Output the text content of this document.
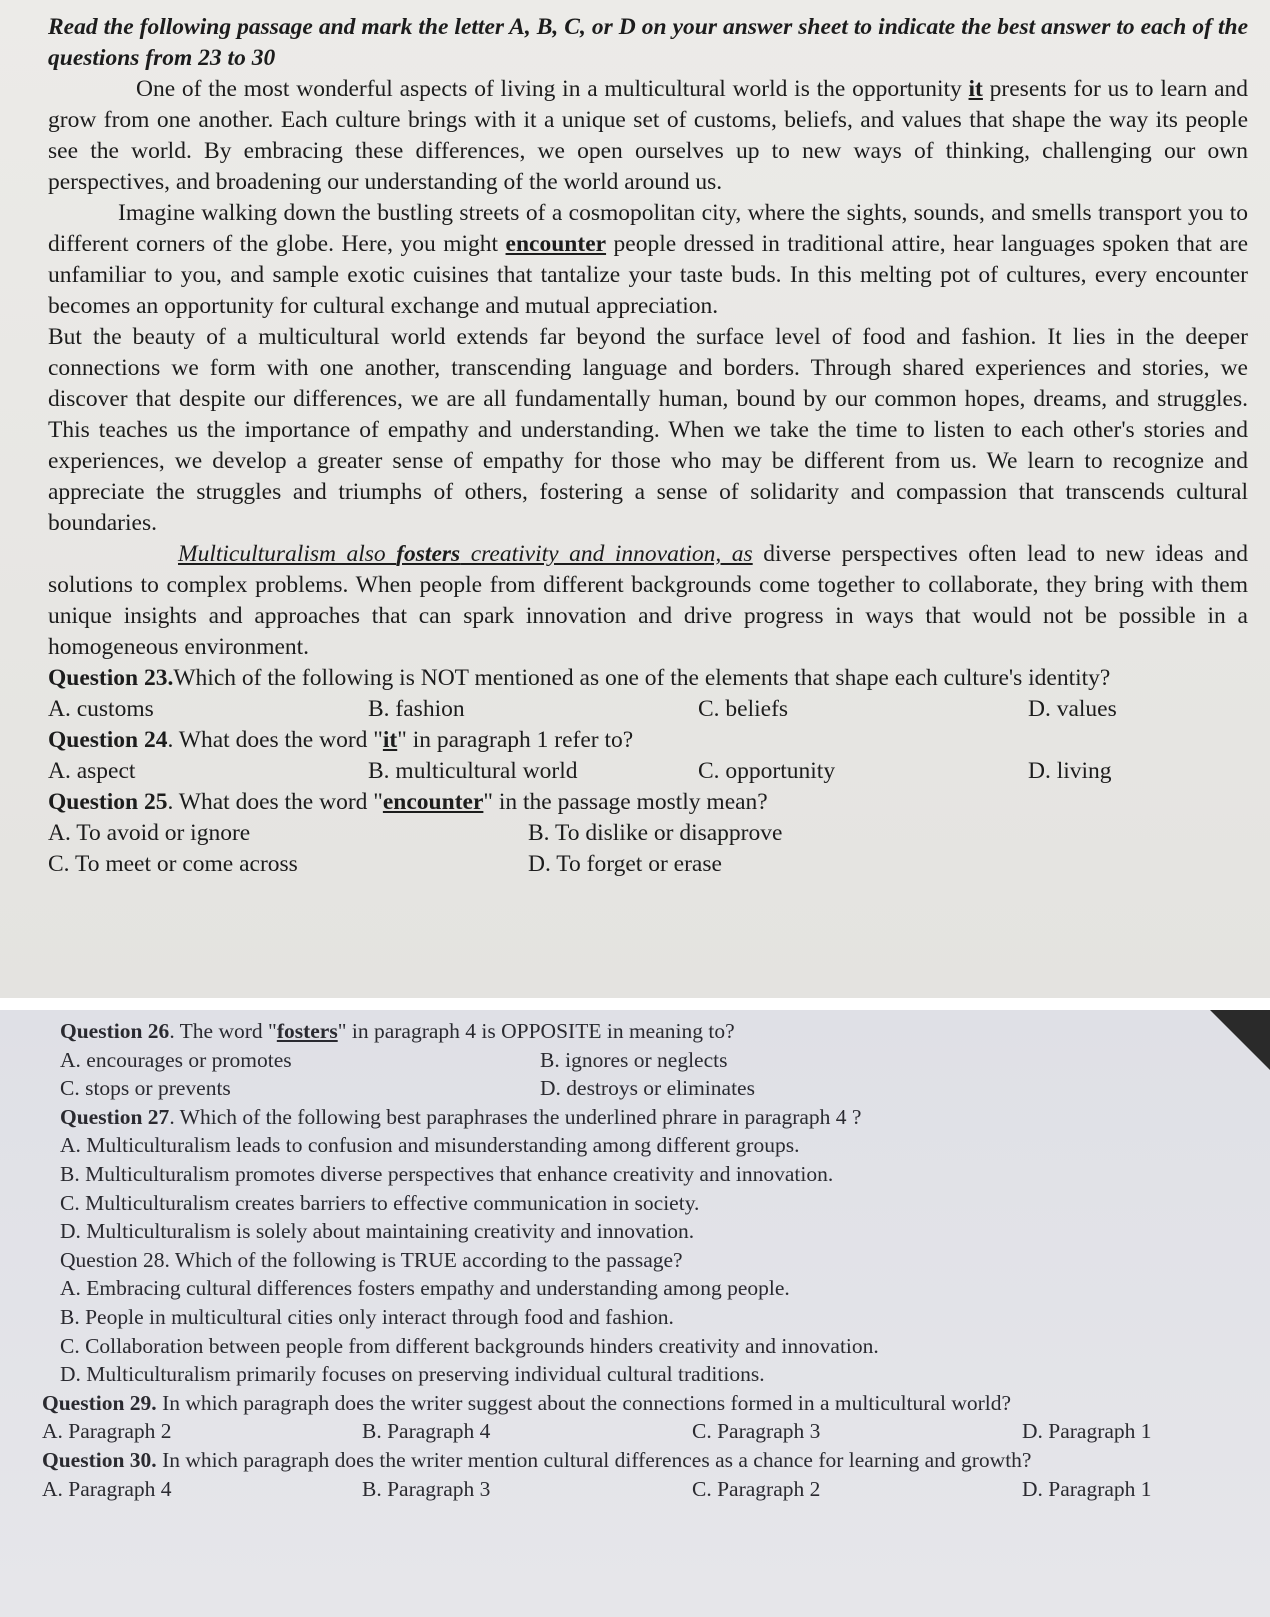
Read the following passage and mark the letter A, B, C, or D on your answer sheet to indicate the best answer to each of the questions from 23 to 30

One of the most wonderful aspects of living in a multicultural world is the opportunity it presents for us to learn and grow from one another. Each culture brings with it a unique set of customs, beliefs, and values that shape the way its people see the world. By embracing these differences, we open ourselves up to new ways of thinking, challenging our own perspectives, and broadening our understanding of the world around us.

Imagine walking down the bustling streets of a cosmopolitan city, where the sights, sounds, and smells transport you to different corners of the globe. Here, you might encounter people dressed in traditional attire, hear languages spoken that are unfamiliar to you, and sample exotic cuisines that tantalize your taste buds. In this melting pot of cultures, every encounter becomes an opportunity for cultural exchange and mutual appreciation.

But the beauty of a multicultural world extends far beyond the surface level of food and fashion. It lies in the deeper connections we form with one another, transcending language and borders. Through shared experiences and stories, we discover that despite our differences, we are all fundamentally human, bound by our common hopes, dreams, and struggles. This teaches us the importance of empathy and understanding. When we take the time to listen to each other's stories and experiences, we develop a greater sense of empathy for those who may be different from us. We learn to recognize and appreciate the struggles and triumphs of others, fostering a sense of solidarity and compassion that transcends cultural boundaries.

Multiculturalism also fosters creativity and innovation, as diverse perspectives often lead to new ideas and solutions to complex problems. When people from different backgrounds come together to collaborate, they bring with them unique insights and approaches that can spark innovation and drive progress in ways that would not be possible in a homogeneous environment.

Question 23.Which of the following is NOT mentioned as one of the elements that shape each culture's identity?
A. customs	B. fashion	C. beliefs	D. values
Question 24. What does the word "it" in paragraph 1 refer to?
A. aspect	B. multicultural world	C. opportunity	D. living
Question 25. What does the word "encounter" in the passage mostly mean?
A. To avoid or ignore	B. To dislike or disapprove
C. To meet or come across	D. To forget or erase
Question 26. The word "fosters" in paragraph 4 is OPPOSITE in meaning to?
A. encourages or promotes	B. ignores or neglects
C. stops or prevents	D. destroys or eliminates
Question 27. Which of the following best paraphrases the underlined phrare in paragraph 4 ?
A. Multiculturalism leads to confusion and misunderstanding among different groups.
B. Multiculturalism promotes diverse perspectives that enhance creativity and innovation.
C. Multiculturalism creates barriers to effective communication in society.
D. Multiculturalism is solely about maintaining creativity and innovation.
Question 28. Which of the following is TRUE according to the passage?
A. Embracing cultural differences fosters empathy and understanding among people.
B. People in multicultural cities only interact through food and fashion.
C. Collaboration between people from different backgrounds hinders creativity and innovation.
D. Multiculturalism primarily focuses on preserving individual cultural traditions.
Question 29. In which paragraph does the writer suggest about the connections formed in a multicultural world?
A. Paragraph 2	B. Paragraph 4	C. Paragraph 3	D. Paragraph 1
Question 30. In which paragraph does the writer mention cultural differences as a chance for learning and growth?
A. Paragraph 4	B. Paragraph 3	C. Paragraph 2	D. Paragraph 1
